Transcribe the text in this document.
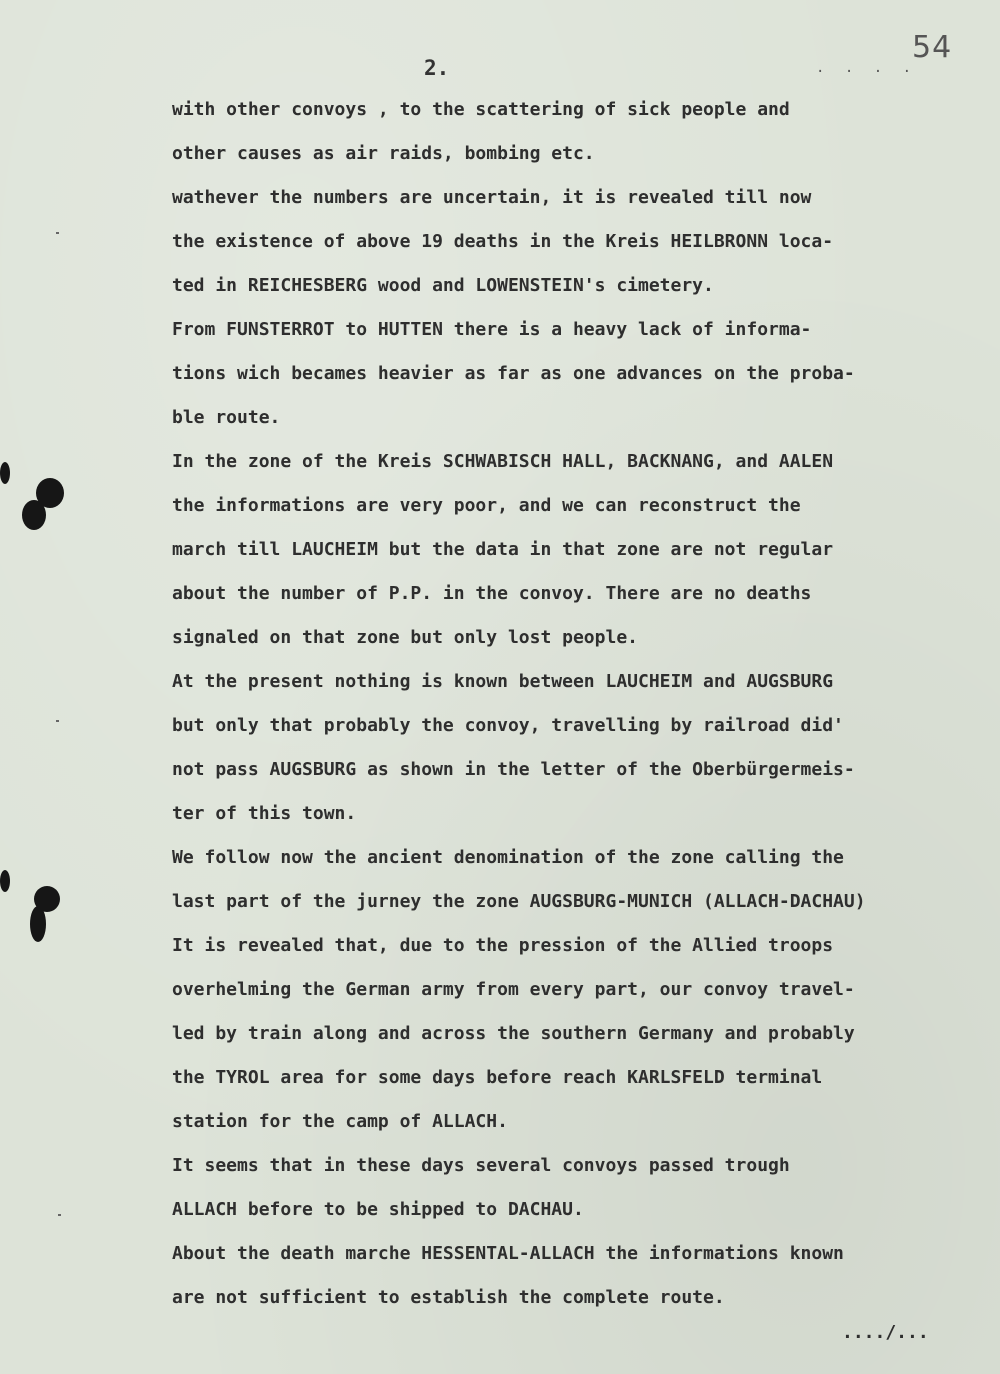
2.
54
. . . .
with other convoys , to the scattering of sick people and
other causes as air raids, bombing etc.
wathever the numbers are uncertain, it is revealed till now
the existence of above 19 deaths in the Kreis HEILBRONN loca-
ted in REICHESBERG wood and LOWENSTEIN's cimetery.
From FUNSTERROT to HUTTEN there is a heavy lack of informa-
tions wich becames heavier as far as one advances on the proba-
ble route.
In the zone of the Kreis SCHWABISCH HALL, BACKNANG, and AALEN
the informations are very poor, and we can reconstruct the
march till LAUCHEIM but the data in that zone are not regular
about the number of P.P. in the convoy. There are no deaths
signaled on that zone but only lost people.
At the present nothing is known between LAUCHEIM and AUGSBURG
but only that probably the convoy, travelling by railroad did'
not pass AUGSBURG as shown in the letter of the Oberbürgermeis-
ter of this town.
We follow now the ancient denomination of the zone calling the
last part of the jurney the zone AUGSBURG-MUNICH (ALLACH-DACHAU)
It is revealed that, due to the pression of the Allied troops
overhelming the German army from every part, our convoy travel-
led by train along and across the southern Germany and probably
the TYROL area for some days before reach KARLSFELD terminal
station for the camp of ALLACH.
It seems that in these days several convoys passed trough
ALLACH before to be shipped to DACHAU.
About the death marche HESSENTAL-ALLACH the informations known
are not sufficient to establish the complete route.
..../...
